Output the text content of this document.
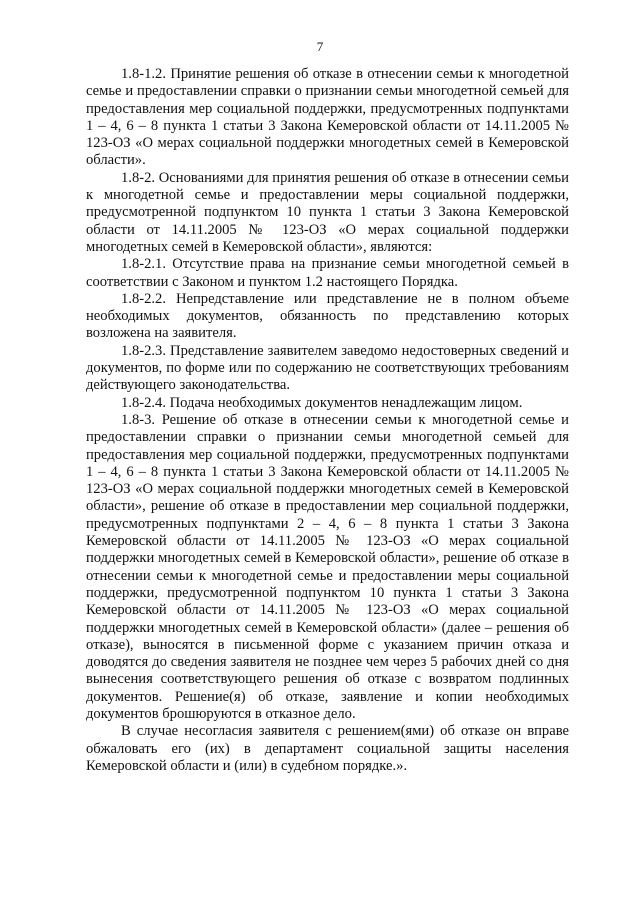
7

1.8-1.2. Принятие решения об отказе в отнесении семьи к многодетной семье и предоставлении справки о признании семьи многодетной семьей для предоставления мер социальной поддержки, предусмотренных подпунктами 1 – 4, 6 – 8 пункта 1 статьи 3 Закона Кемеровской области от 14.11.2005 № 123-ОЗ «О мерах социальной поддержки многодетных семей в Кемеровской области».

1.8-2. Основаниями для принятия решения об отказе в отнесении семьи к многодетной семье и предоставлении меры социальной поддержки, предусмотренной подпунктом 10 пункта 1 статьи 3 Закона Кемеровской области от 14.11.2005 № 123-ОЗ «О мерах социальной поддержки многодетных семей в Кемеровской области», являются:

1.8-2.1. Отсутствие права на признание семьи многодетной семьей в соответствии с Законом и пунктом 1.2 настоящего Порядка.

1.8-2.2. Непредставление или представление не в полном объеме необходимых документов, обязанность по представлению которых возложена на заявителя.

1.8-2.3. Представление заявителем заведомо недостоверных сведений и документов, по форме или по содержанию не соответствующих требованиям действующего законодательства.

1.8-2.4. Подача необходимых документов ненадлежащим лицом.

1.8-3. Решение об отказе в отнесении семьи к многодетной семье и предоставлении справки о признании семьи многодетной семьей для предоставления мер социальной поддержки, предусмотренных подпунктами 1 – 4, 6 – 8 пункта 1 статьи 3 Закона Кемеровской области от 14.11.2005 № 123-ОЗ «О мерах социальной поддержки многодетных семей в Кемеровской области», решение об отказе в предоставлении мер социальной поддержки, предусмотренных подпунктами 2 – 4, 6 – 8 пункта 1 статьи 3 Закона Кемеровской области от 14.11.2005 № 123-ОЗ «О мерах социальной поддержки многодетных семей в Кемеровской области», решение об отказе в отнесении семьи к многодетной семье и предоставлении меры социальной поддержки, предусмотренной подпунктом 10 пункта 1 статьи 3 Закона Кемеровской области от 14.11.2005 № 123-ОЗ «О мерах социальной поддержки многодетных семей в Кемеровской области» (далее – решения об отказе), выносятся в письменной форме с указанием причин отказа и доводятся до сведения заявителя не позднее чем через 5 рабочих дней со дня вынесения соответствующего решения об отказе с возвратом подлинных документов. Решение(я) об отказе, заявление и копии необходимых документов брошюруются в отказное дело.

В случае несогласия заявителя с решением(ями) об отказе он вправе обжаловать его (их) в департамент социальной защиты населения Кемеровской области и (или) в судебном порядке.».
